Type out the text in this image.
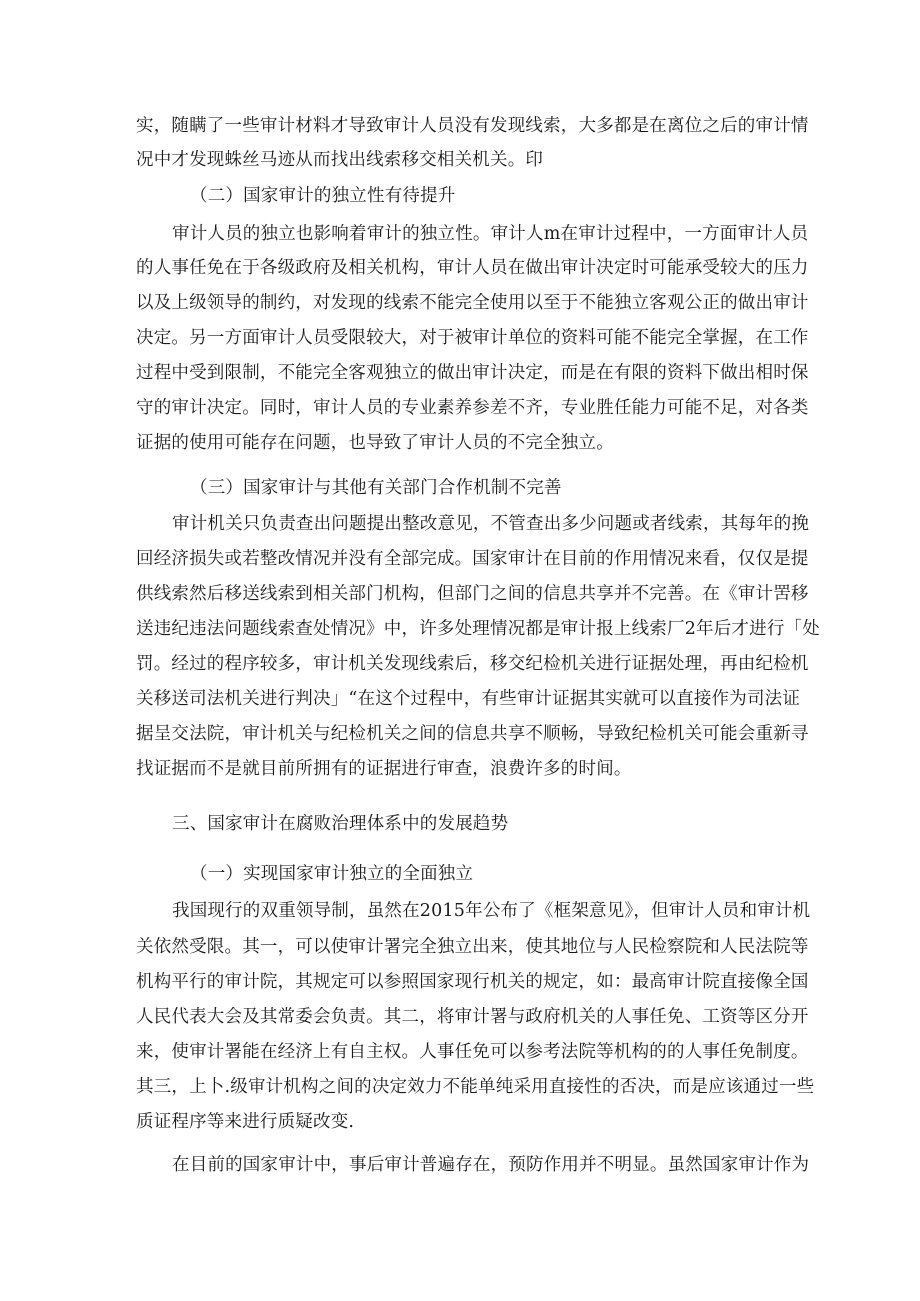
实，随瞒了一些审计材料才导致审计人员没有发现线索，大多都是在离位之后的审计情
况中才发现蛛丝马迹从而找出线索移交相关机关。印
（二）国家审计的独立性有待提升
审计人员的独立也影响着审计的独立性。审计人m在审计过程中，一方面审计人员
的人事任免在于各级政府及相关机构，审计人员在做出审计决定时可能承受较大的压力
以及上级领导的制约，对发现的线索不能完全使用以至于不能独立客观公正的做出审计
决定。另一方面审计人员受限较大，对于被审计单位的资料可能不能完全掌握，在工作
过程中受到限制，不能完全客观独立的做出审计决定，而是在有限的资料下做出相时保
守的审计决定。同时，审计人员的专业素养参差不齐，专业胜任能力可能不足，对各类
证据的使用可能存在问题，也导致了审计人员的不完全独立。
（三）国家审计与其他有关部门合作机制不完善
审计机关只负责查出问题提出整改意见，不管查出多少问题或者线索，其每年的挽
回经济损失或若整改情况并没有全部完成。国家审计在目前的作用情况来看，仅仅是提
供线索然后移送线索到相关部门机构，但部门之间的信息共享并不完善。在《审计罟移
送违纪违法问题线索查处情况》中，许多处理情况都是审计报上线索厂2年后才进行「处
罚。经过的程序较多，审计机关发现线索后，移交纪检机关进行证据处理，再由纪检机
关移送司法机关进行判决」“在这个过程中，有些审计证据其实就可以直接作为司法证
据呈交法院，审计机关与纪检机关之间的信息共享不顺畅，导致纪检机关可能会重新寻
找证据而不是就目前所拥有的证据进行审查，浪费许多的时间。
三、国家审计在腐败治理体系中的发展趋势
（一）实现国家审计独立的全面独立
我国现行的双重领导制，虽然在2015年公布了《框架意见》，但审计人员和审计机
关依然受限。其一，可以使审计署完全独立出来，使其地位与人民检察院和人民法院等
机构平行的审计院，其规定可以参照国家现行机关的规定，如：最高审计院直接像全国
人民代表大会及其常委会负责。其二，将审计署与政府机关的人事任免、工资等区分开
来，使审计署能在经济上有自主权。人事任免可以参考法院等机构的的人事任免制度。
其三，上卜.级审计机构之间的决定效力不能单纯采用直接性的否决，而是应该通过一些
质证程序等来进行质疑改变.
在目前的国家审计中，事后审计普遍存在，预防作用并不明显。虽然国家审计作为
